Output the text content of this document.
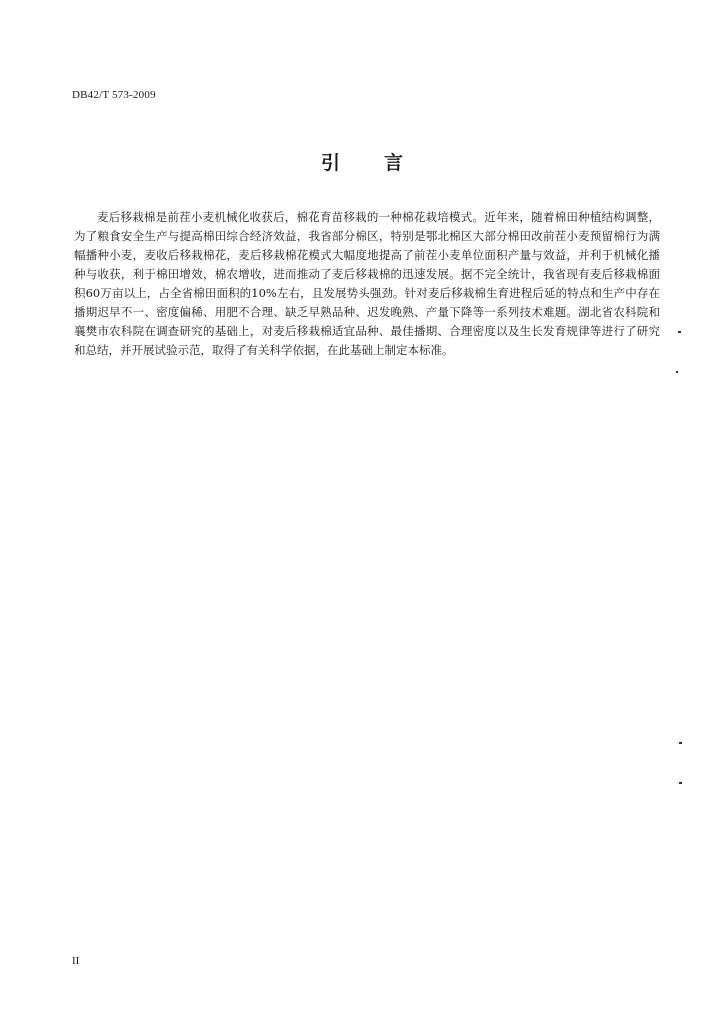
DB42/T 573-2009
引言

麦后移栽棉是前茬小麦机械化收获后，棉花育苗移栽的一种棉花栽培模式。近年来，随着棉田种植结构调整，为了粮食安全生产与提高棉田综合经济效益，我省部分棉区，特别是鄂北棉区大部分棉田改前茬小麦预留棉行为满幅播种小麦，麦收后移栽棉花，麦后移栽棉花模式大幅度地提高了前茬小麦单位面积产量与效益，并利于机械化播种与收获，利于棉田增效，棉农增收，进而推动了麦后移栽棉的迅速发展。据不完全统计，我省现有麦后移栽棉面积60万亩以上，占全省棉田面积的10%左右，且发展势头强劲。针对麦后移栽棉生育进程后延的特点和生产中存在播期迟早不一、密度偏稀、用肥不合理、缺乏早熟品种、迟发晚熟、产量下降等一系列技术难题。湖北省农科院和襄樊市农科院在调查研究的基础上，对麦后移栽棉适宜品种、最佳播期、合理密度以及生长发育规律等进行了研究和总结，并开展试验示范，取得了有关科学依据，在此基础上制定本标准。

II
